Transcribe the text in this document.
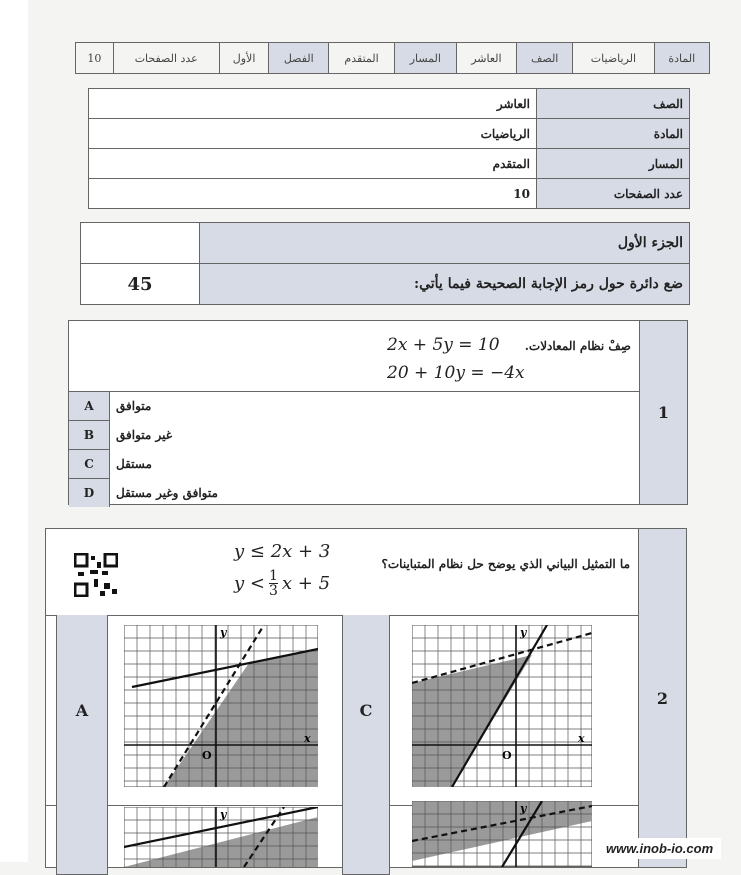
المادة	الرياضيات	الصف	العاشر	المسار	المتقدم	الفصل	الأول	عدد الصفحات	10
الصف	العاشر
المادة	الرياضيات
المسار	المتقدم
عدد الصفحات	10
الجزء الأول	
ضع دائرة حول رمز الإجابة الصحيحة فيما يأتي:	45
1
صِفْ نظام المعادلات.
2x + 5y = 10
20 + 10y = −4x
A	متوافق
B	غير متوافق
C	مستقل
D	متوافق وغير مستقل
2
ما التمثيل البياني الذي يوضح حل نظام المتباينات؟
y ≤ 2x + 3
$y < \frac{1}{3}$ x + 5
A	C
x
y
O
x
y
O
y	y
www.inob-io.com
